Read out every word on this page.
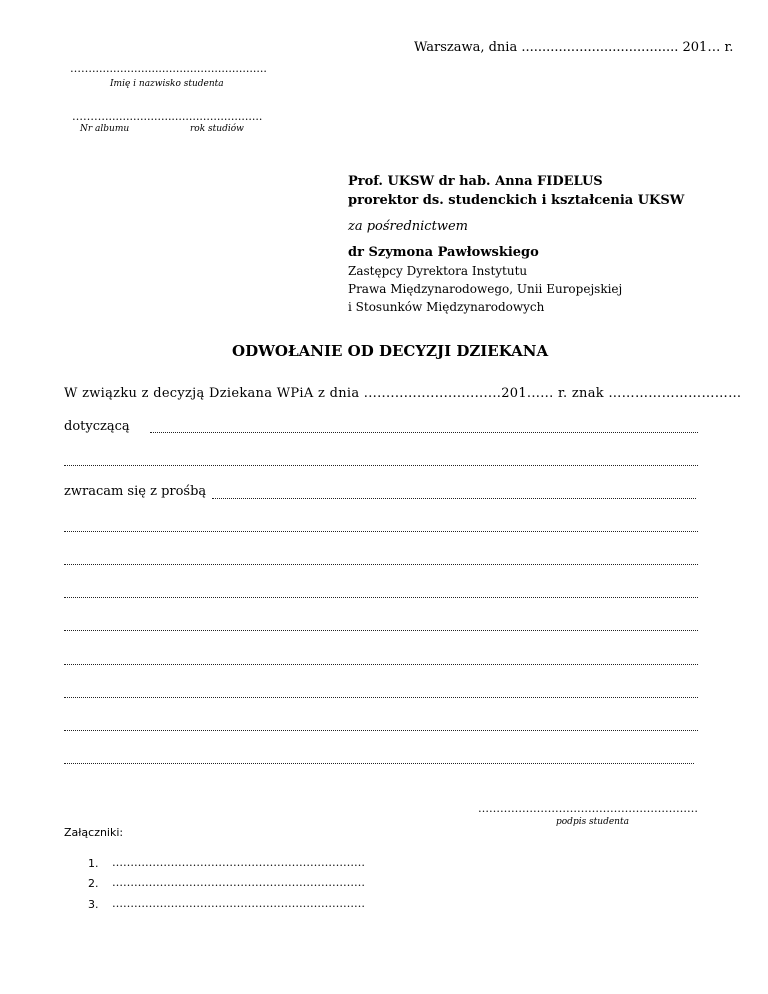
Warszawa, dnia ...................................... 201… r.
……..................................................
Imię i nazwisko studenta
……….............................................
Nr albumu	rok studiów
Prof. UKSW dr hab. Anna FIDELUS
prorektor ds. studenckich i kształcenia UKSW
za pośrednictwem
dr Szymona Pawłowskiego
Zastępcy Dyrektora Instytutu
Prawa Międzynarodowego, Unii Europejskiej
i Stosunków Międzynarodowych
ODWOŁANIE OD DECYZJI DZIEKANA
W związku z decyzją Dziekana WPiA z dnia ...............................201...... r. znak …………………………
dotyczącą
zwracam się z prośbą
……………………………………………………
podpis studenta
Załączniki:
1. ……………………………………………………………
2. ……………………………………………………………
3. ……………………………………………………………
